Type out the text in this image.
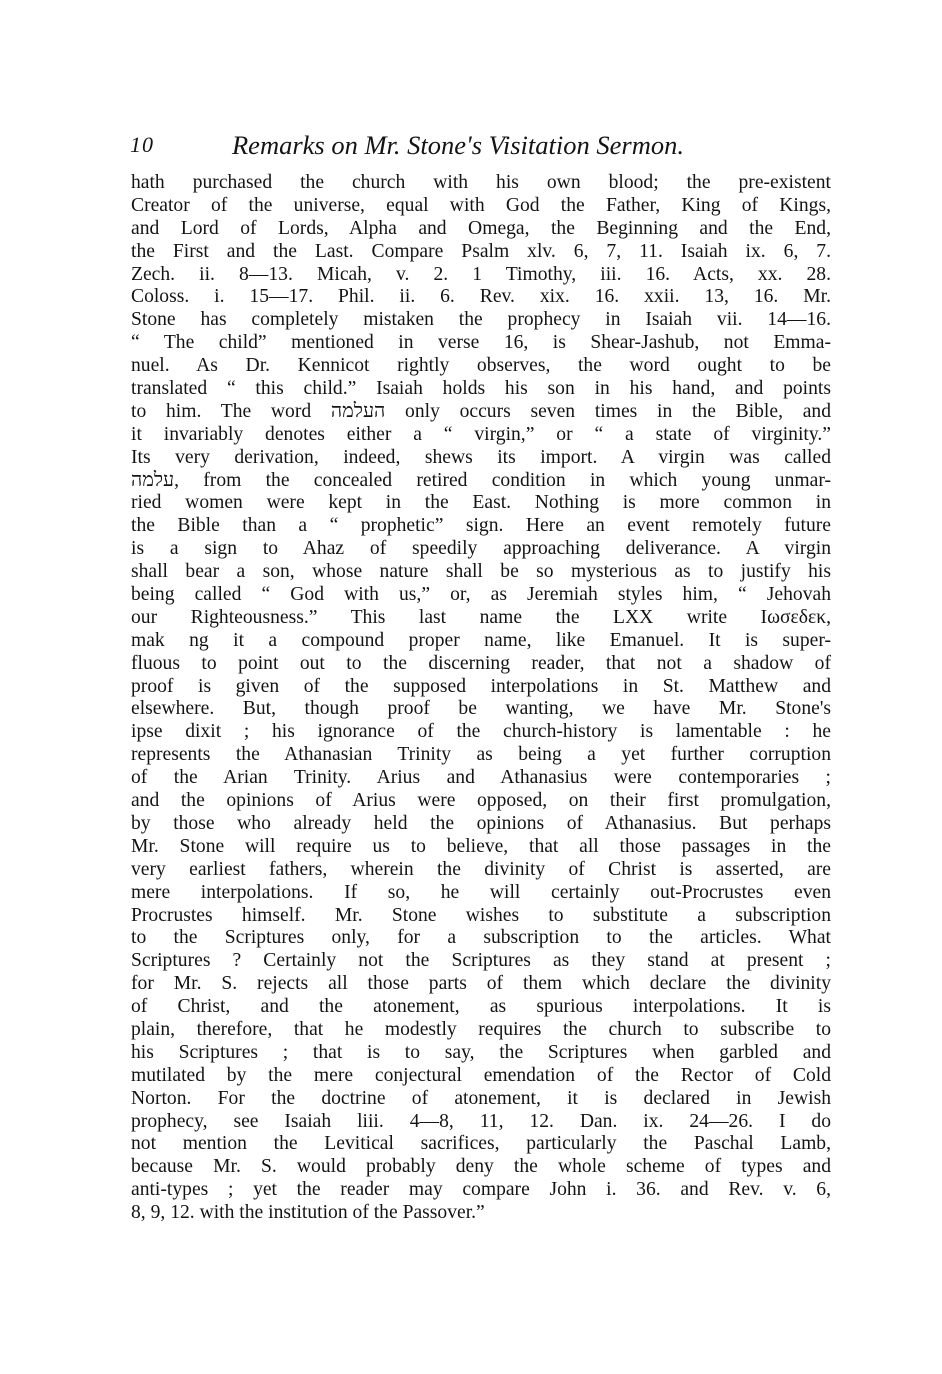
10	Remarks on Mr. Stone's Visitation Sermon.
hath purchased the church with his own blood; the pre-existent
Creator of the universe, equal with God the Father, King of Kings,
and Lord of Lords, Alpha and Omega, the Beginning and the End,
the First and the Last. Compare Psalm xlv. 6, 7, 11. Isaiah ix. 6, 7.
Zech. ii. 8—13. Micah, v. 2. 1 Timothy, iii. 16. Acts, xx. 28.
Coloss. i. 15—17. Phil. ii. 6. Rev. xix. 16. xxii. 13, 16. Mr.
Stone has completely mistaken the prophecy in Isaiah vii. 14—16.
“ The child” mentioned in verse 16, is Shear-Jashub, not Emma-
nuel. As Dr. Kennicot rightly observes, the word ought to be
translated “ this child.” Isaiah holds his son in his hand, and points
to him. The word העלמה only occurs seven times in the Bible, and
it invariably denotes either a “ virgin,” or “ a state of virginity.”
Its very derivation, indeed, shews its import. A virgin was called
עלמה, from the concealed retired condition in which young unmar-
ried women were kept in the East. Nothing is more common in
the Bible than a “ prophetic” sign. Here an event remotely future
is a sign to Ahaz of speedily approaching deliverance. A virgin
shall bear a son, whose nature shall be so mysterious as to justify his
being called “ God with us,” or, as Jeremiah styles him, “ Jehovah
our Righteousness.” This last name the LXX write Ιωσεδεκ,
mak ng it a compound proper name, like Emanuel. It is super-
fluous to point out to the discerning reader, that not a shadow of
proof is given of the supposed interpolations in St. Matthew and
elsewhere. But, though proof be wanting, we have Mr. Stone's
ipse dixit ; his ignorance of the church-history is lamentable : he
represents the Athanasian Trinity as being a yet further corruption
of the Arian Trinity. Arius and Athanasius were contemporaries ;
and the opinions of Arius were opposed, on their first promulgation,
by those who already held the opinions of Athanasius. But perhaps
Mr. Stone will require us to believe, that all those passages in the
very earliest fathers, wherein the divinity of Christ is asserted, are
mere interpolations. If so, he will certainly out-Procrustes even
Procrustes himself. Mr. Stone wishes to substitute a subscription
to the Scriptures only, for a subscription to the articles. What
Scriptures ? Certainly not the Scriptures as they stand at present ;
for Mr. S. rejects all those parts of them which declare the divinity
of Christ, and the atonement, as spurious interpolations. It is
plain, therefore, that he modestly requires the church to subscribe to
his Scriptures ; that is to say, the Scriptures when garbled and
mutilated by the mere conjectural emendation of the Rector of Cold
Norton. For the doctrine of atonement, it is declared in Jewish
prophecy, see Isaiah liii. 4—8, 11, 12. Dan. ix. 24—26. I do
not mention the Levitical sacrifices, particularly the Paschal Lamb,
because Mr. S. would probably deny the whole scheme of types and
anti-types ; yet the reader may compare John i. 36. and Rev. v. 6,
8, 9, 12. with the institution of the Passover.”
